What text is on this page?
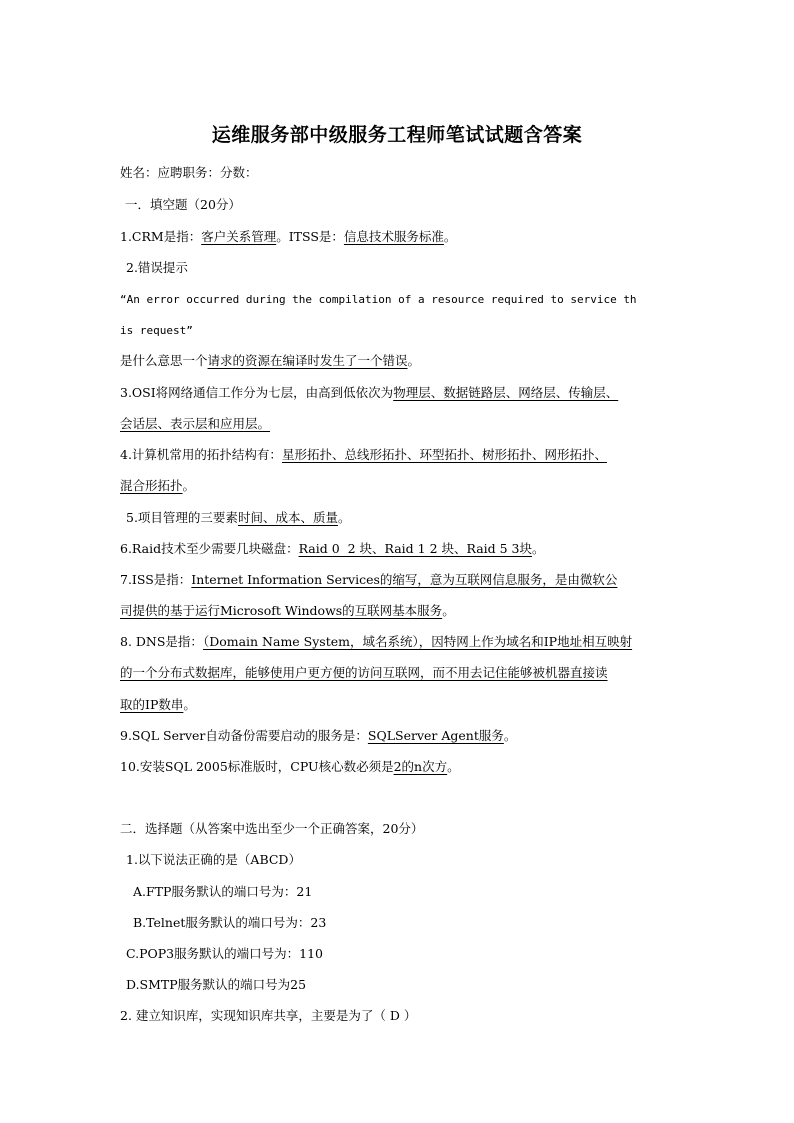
运维服务部中级服务工程师笔试试题含答案
姓名：应聘职务：分数：
一．填空题（20分）
1.CRM是指：客户关系管理。ITSS是：信息技术服务标准。
2.错误提示
“An error occurred during the compilation of a resource required to service th
is request”
是什么意思一个请求的资源在编译时发生了一个错误。
3.OSI将网络通信工作分为七层，由高到低依次为物理层、数据链路层、网络层、传输层、
会话层、表示层和应用层。
4.计算机常用的拓扑结构有：星形拓扑、总线形拓扑、环型拓扑、树形拓扑、网形拓扑、
混合形拓扑。
5.项目管理的三要素时间、成本、质量。
6.Raid技术至少需要几块磁盘：Raid 0  2 块、Raid 1 2 块、Raid 5 3块。
7.ISS是指：Internet Information Services的缩写，意为互联网信息服务，是由微软公
司提供的基于运行Microsoft Windows的互联网基本服务。
8. DNS是指：（Domain Name System，域名系统），因特网上作为域名和IP地址相互映射
的一个分布式数据库，能够使用户更方便的访问互联网，而不用去记住能够被机器直接读
取的IP数串。
9.SQL Server自动备份需要启动的服务是：SQLServer Agent服务。
10.安装SQL 2005标准版时，CPU核心数必须是2的n次方。
二．选择题（从答案中选出至少一个正确答案，20分）
1.以下说法正确的是（ABCD）
A.FTP服务默认的端口号为：21
B.Telnet服务默认的端口号为：23
C.POP3服务默认的端口号为：110
D.SMTP服务默认的端口号为25
2. 建立知识库，实现知识库共享，主要是为了（ D ）
